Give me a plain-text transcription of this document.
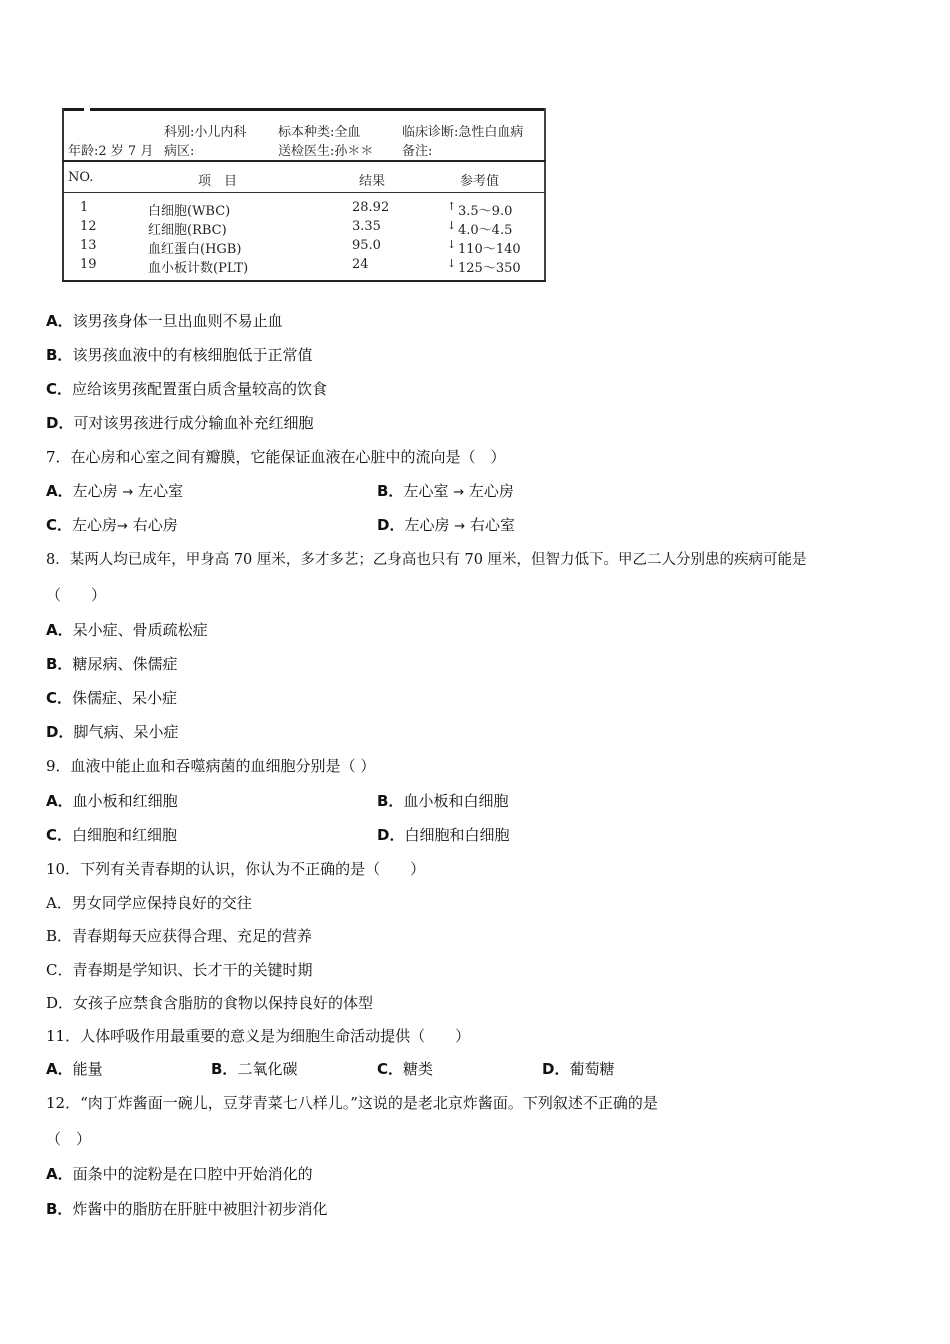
科别:小儿内科 标本种类:全血	临床诊断:急性白血病
年龄:2 岁 7 月 病区:	送检医生:孙＊＊ 备注:
NO.	项　目	结果	参考值
1	白细胞(WBC)	28.92	↑ 3.5～9.0
12	红细胞(RBC)	3.35	↓ 4.0～4.5
13	血红蛋白(HGB)	95.0	↓ 110～140
19	血小板计数(PLT)	24	↓ 125～350
A．该男孩身体一旦出血则不易止血
B．该男孩血液中的有核细胞低于正常值
C．应给该男孩配置蛋白质含量较高的饮食
D．可对该男孩进行成分输血补充红细胞
7．在心房和心室之间有瓣膜，它能保证血液在心脏中的流向是（　）
A．左心房 → 左心室	B．左心室 → 左心房
C．左心房→ 右心房	D．左心房 → 右心室
8．某两人均已成年，甲身高 70 厘米，多才多艺；乙身高也只有 70 厘米，但智力低下。甲乙二人分别患的疾病可能是
（　　）
A．呆小症、骨质疏松症
B．糖尿病、侏儒症
C．侏儒症、呆小症
D．脚气病、呆小症
9．血液中能止血和吞噬病菌的血细胞分别是（ ）
A．血小板和红细胞	B．血小板和白细胞
C．白细胞和红细胞	D．白细胞和白细胞
10．下列有关青春期的认识，你认为不正确的是（　　）
A．男女同学应保持良好的交往
B．青春期每天应获得合理、充足的营养
C．青春期是学知识、长才干的关键时期
D．女孩子应禁食含脂肪的食物以保持良好的体型
11．人体呼吸作用最重要的意义是为细胞生命活动提供（　　）
A．能量	B．二氧化碳	C．糖类	D．葡萄糖
12．“肉丁炸酱面一碗儿，豆芽青菜七八样儿。”这说的是老北京炸酱面。下列叙述不正确的是
（　）
A．面条中的淀粉是在口腔中开始消化的
B．炸酱中的脂肪在肝脏中被胆汁初步消化
